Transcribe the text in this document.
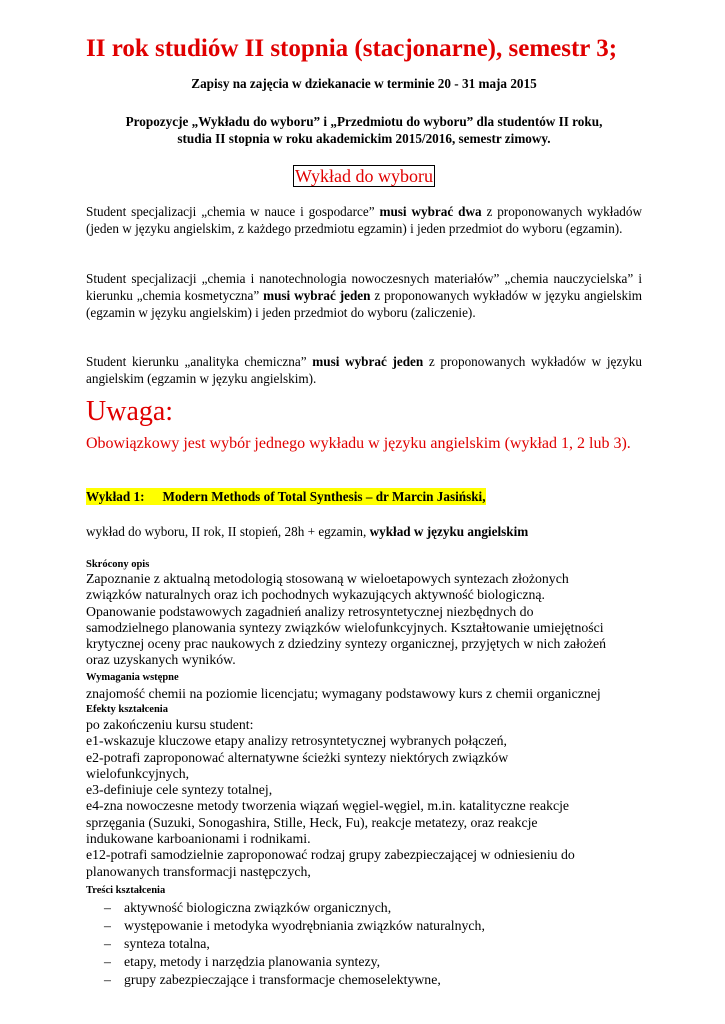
II rok studiów II stopnia (stacjonarne), semestr 3;

Zapisy na zajęcia w dziekanacie w terminie 20 - 31 maja 2015

Propozycje „Wykładu do wyboru” i „Przedmiotu do wyboru” dla studentów II roku,

studia II stopnia w roku akademickim 2015/2016, semestr zimowy.

Wykład do wyboru

Student specjalizacji „chemia w nauce i gospodarce” musi wybrać dwa z proponowanych wykładów (jeden w języku angielskim, z każdego przedmiotu egzamin) i jeden przedmiot do wyboru (egzamin).

Student specjalizacji „chemia i nanotechnologia nowoczesnych materiałów” „chemia nauczycielska” i kierunku „chemia kosmetyczna” musi wybrać jeden z proponowanych wykładów w języku angielskim (egzamin w języku angielskim) i jeden przedmiot do wyboru (zaliczenie).

Student kierunku „analityka chemiczna” musi wybrać jeden z proponowanych wykładów w języku angielskim (egzamin w języku angielskim).

Uwaga:

Obowiązkowy jest wybór jednego wykładu w języku angielskim (wykład 1, 2 lub 3).

Wykład 1: Modern Methods of Total Synthesis – dr Marcin Jasiński,

wykład do wyboru, II rok, II stopień, 28h + egzamin, wykład w języku angielskim

Skrócony opis

Zapoznanie z aktualną metodologią stosowaną w wieloetapowych syntezach złożonych
związków naturalnych oraz ich pochodnych wykazujących aktywność biologiczną.
Opanowanie podstawowych zagadnień analizy retrosyntetycznej niezbędnych do
samodzielnego planowania syntezy związków wielofunkcyjnych. Kształtowanie umiejętności
krytycznej oceny prac naukowych z dziedziny syntezy organicznej, przyjętych w nich założeń
oraz uzyskanych wyników.

Wymagania wstępne

znajomość chemii na poziomie licencjatu; wymagany podstawowy kurs z chemii organicznej

Efekty kształcenia

po zakończeniu kursu student:
e1-wskazuje kluczowe etapy analizy retrosyntetycznej wybranych połączeń,
e2-potrafi zaproponować alternatywne ścieżki syntezy niektórych związków
wielofunkcyjnych,
e3-definiuje cele syntezy totalnej,
e4-zna nowoczesne metody tworzenia wiązań węgiel-węgiel, m.in. katalityczne reakcje
sprzęgania (Suzuki, Sonogashira, Stille, Heck, Fu), reakcje metatezy, oraz reakcje
indukowane karboanionami i rodnikami.
e12-potrafi samodzielnie zaproponować rodzaj grupy zabezpieczającej w odniesieniu do
planowanych transformacji następczych,

Treści kształcenia

– aktywność biologiczna związków organicznych,
– występowanie i metodyka wyodrębniania związków naturalnych,
– synteza totalna,
– etapy, metody i narzędzia planowania syntezy,
– grupy zabezpieczające i transformacje chemoselektywne,
